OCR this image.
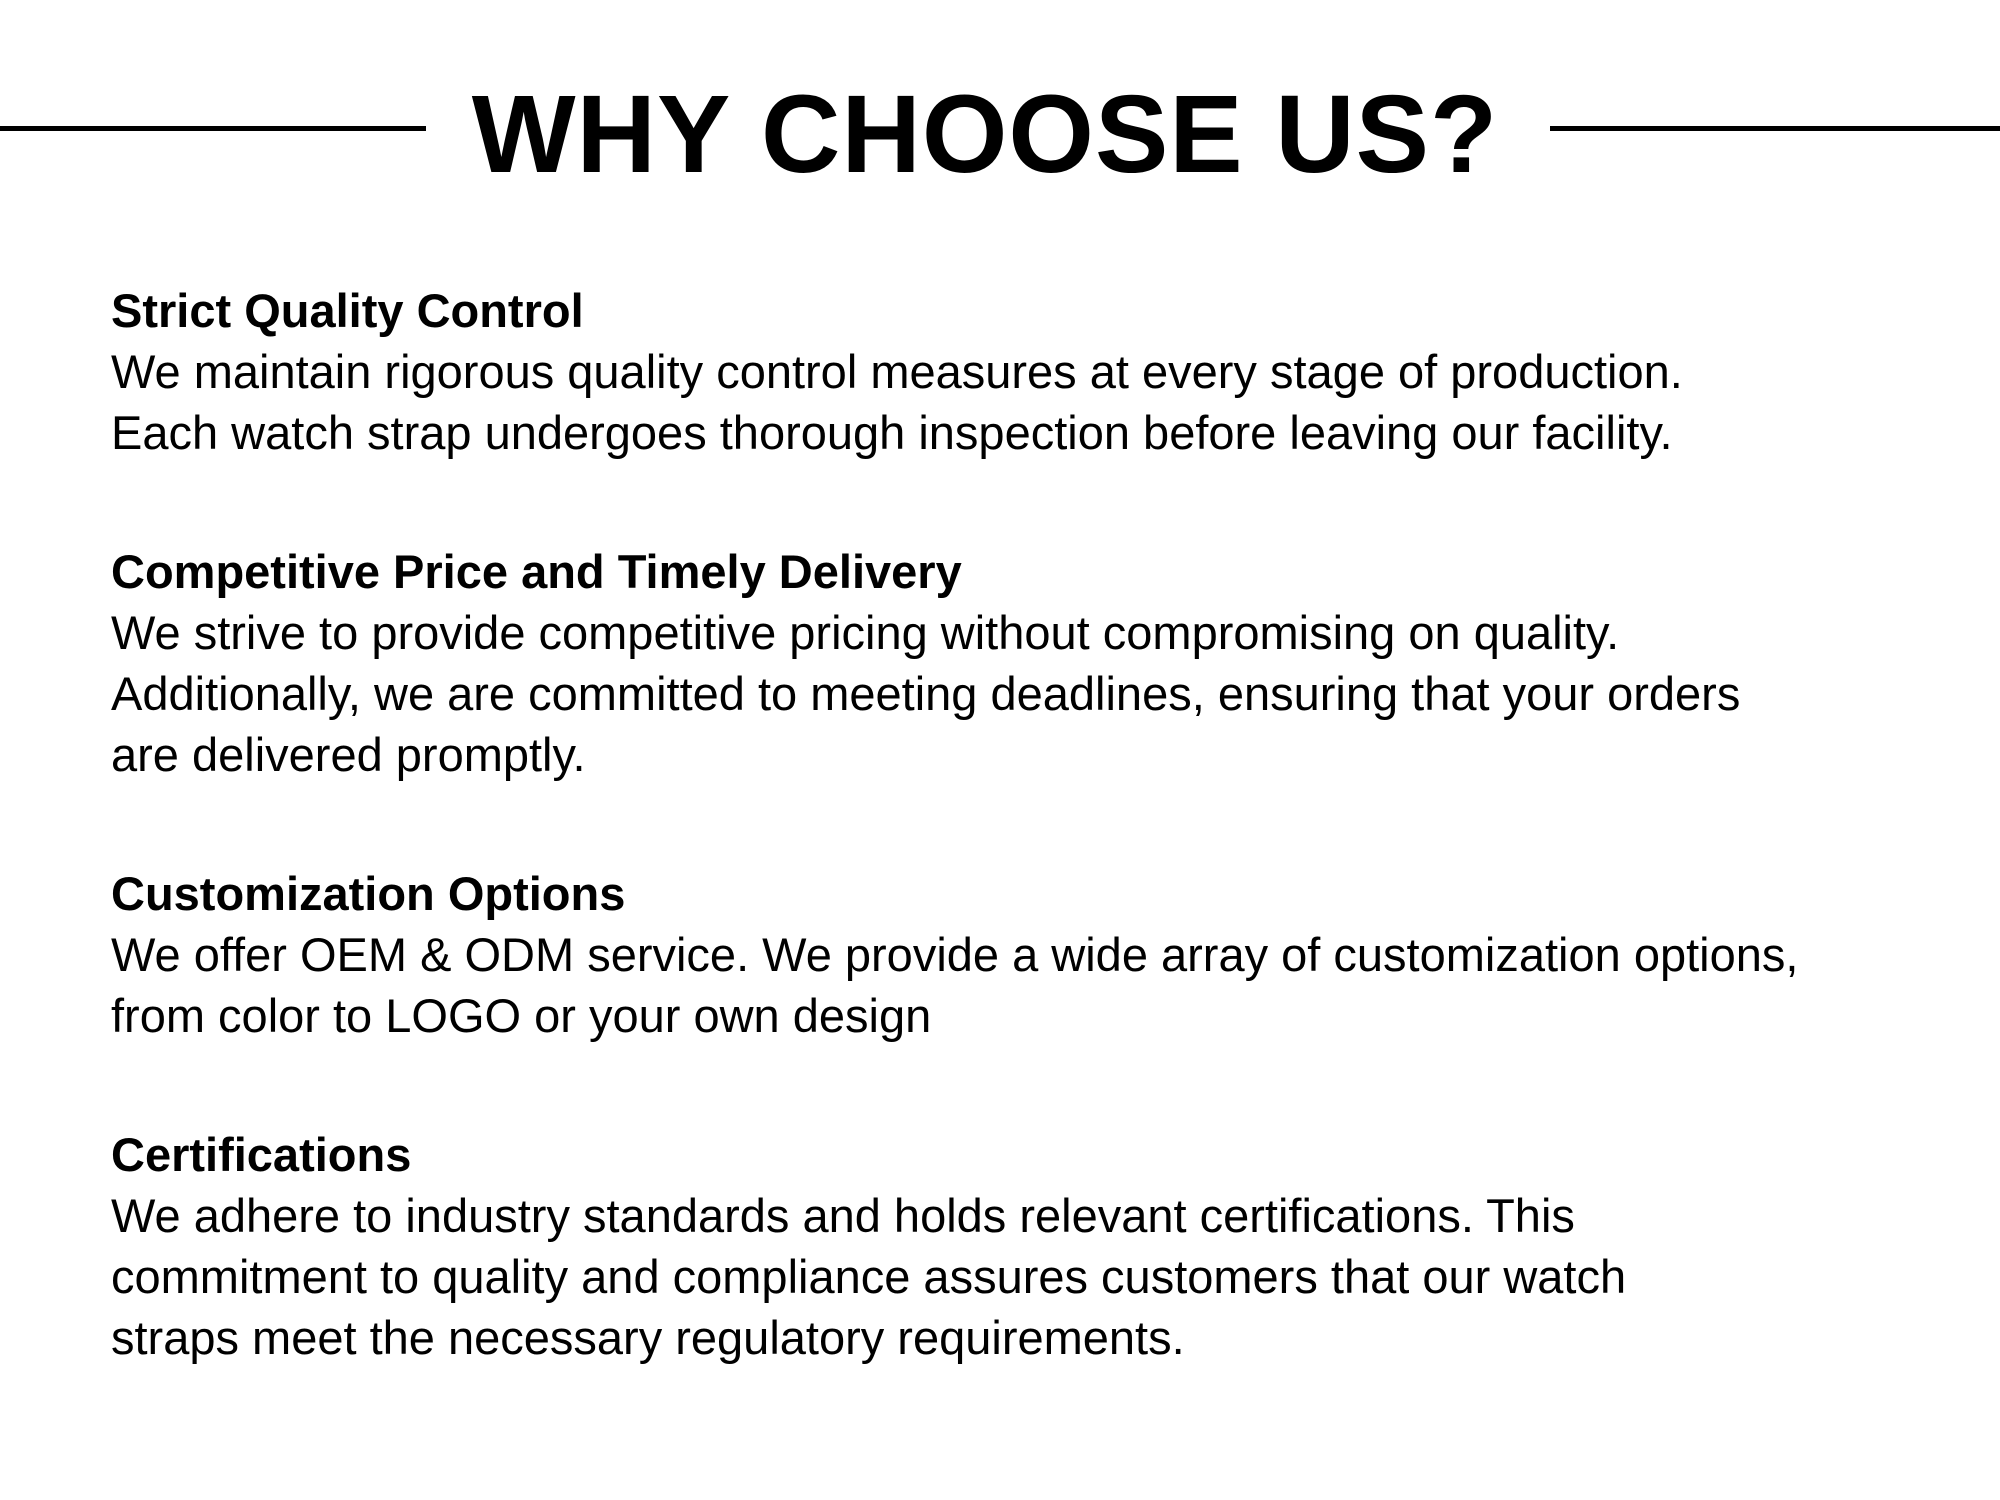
WHY CHOOSE US?
Strict Quality Control

We maintain rigorous quality control measures at every stage of production.
Each watch strap undergoes thorough inspection before leaving our facility.

Competitive Price and Timely Delivery

We strive to provide competitive pricing without compromising on quality.
Additionally, we are committed to meeting deadlines, ensuring that your orders
are delivered promptly.

Customization Options

We offer OEM & ODM service. We provide a wide array of customization options,
from color to LOGO or your own design

Certifications

We adhere to industry standards and holds relevant certifications. This
commitment to quality and compliance assures customers that our watch
straps meet the necessary regulatory requirements.
